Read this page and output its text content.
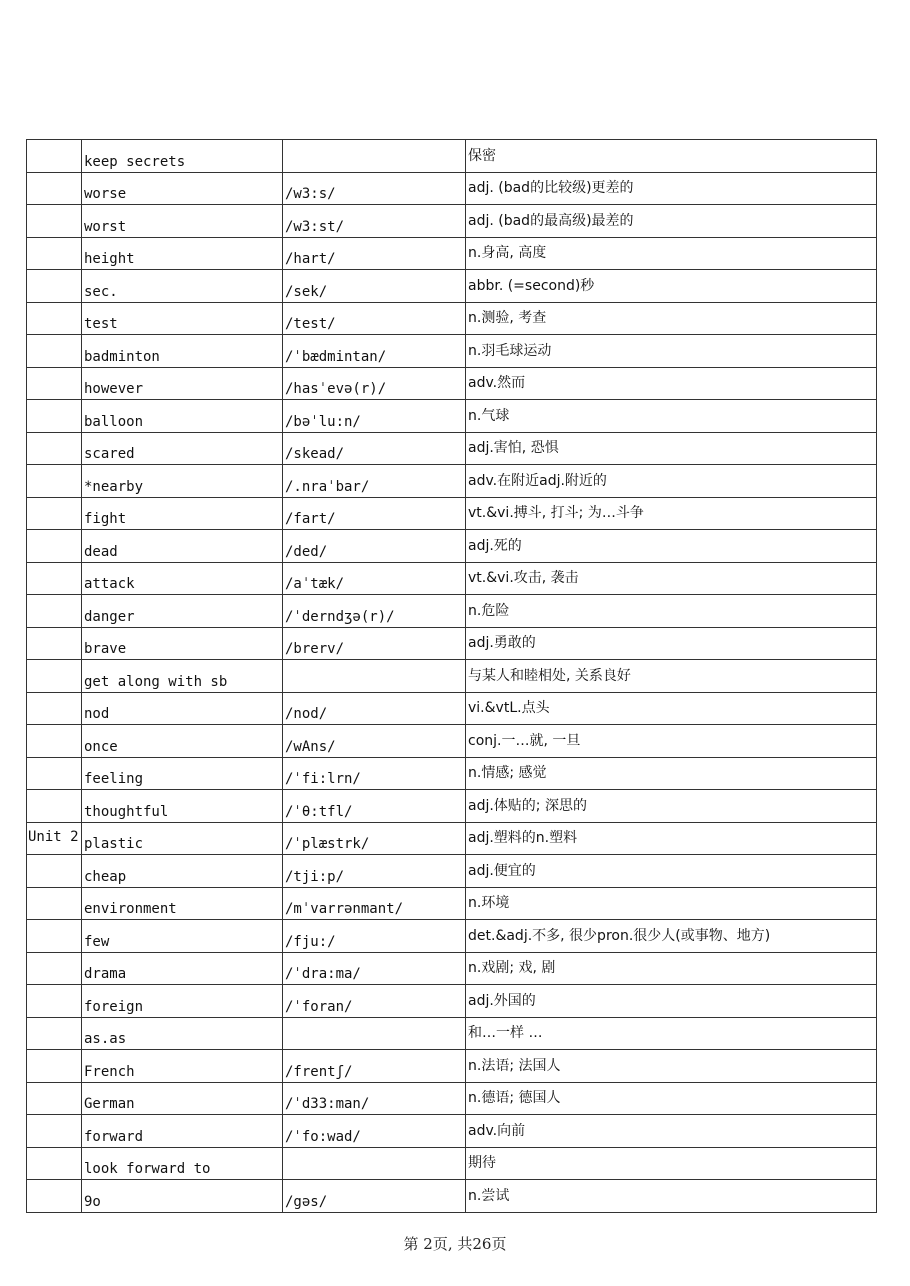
	keep secrets		保密
	worse	/w3:s/	adj. (bad的比较级)更差的
	worst	/w3:st/	adj. (bad的最高级)最差的
	height	/hart/	n.身高, 高度
	sec.	/sek/	abbr. (=second)秒
	test	/test/	n.测验, 考查
	badminton	/ˈbædmintan/	n.羽毛球运动
	however	/hasˈevə(r)/	adv.然而
	balloon	/bəˈlu:n/	n.气球
	scared	/skead/	adj.害怕, 恐惧
	*nearby	/.nraˈbar/	adv.在附近adj.附近的
	fight	/fart/	vt.&vi.搏斗, 打斗; 为…斗争
	dead	/ded/	adj.死的
	attack	/aˈtæk/	vt.&vi.攻击, 袭击
	danger	/ˈderndʒə(r)/	n.危险
	brave	/brerv/	adj.勇敢的
	get along with sb		与某人和睦相处, 关系良好
	nod	/nod/	vi.&vtL.点头
	once	/wAns/	conj.一…就, 一旦
	feeling	/ˈfi:lrn/	n.情感; 感觉
	thoughtful	/ˈθ:tfl/	adj.体贴的; 深思的
Unit 2	plastic	/ˈplæstrk/	adj.塑料的n.塑料
	cheap	/tji:p/	adj.便宜的
	environment	/mˈvarrənmant/	n.环境
	few	/fju:/	det.&adj.不多, 很少pron.很少人(或事物、地方)
	drama	/ˈdra:ma/	n.戏剧; 戏, 剧
	foreign	/ˈforan/	adj.外国的
	as.as		和…一样 …
	French	/frentʃ/	n.法语; 法国人
	German	/ˈd33:man/	n.德语; 德国人
	forward	/ˈfo:wad/	adv.向前
	look forward to		期待
	9o	/gəs/	n.尝试
第 2页, 共26页
